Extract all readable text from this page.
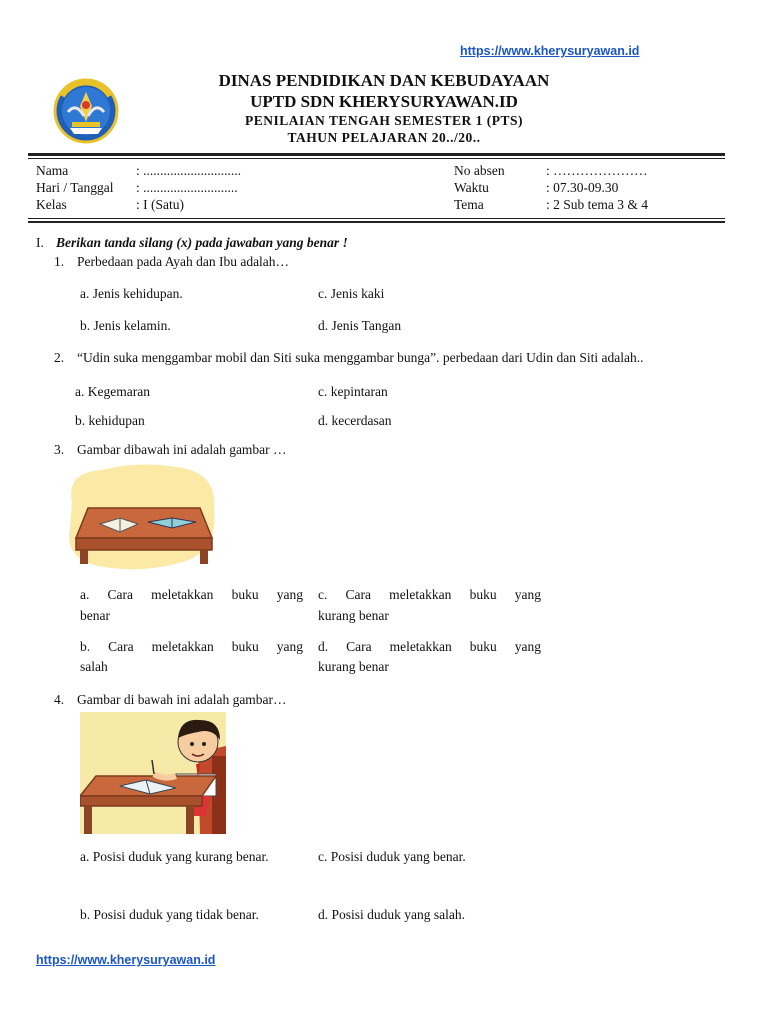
https://www.kherysuryawan.id
DINAS PENDIDIKAN DAN KEBUDAYAAN
UPTD SDN KHERYSURYAWAN.ID
PENILAIAN TENGAH SEMESTER 1 (PTS)
TAHUN PELAJARAN 20../20..
Nama	: .............................
Hari / Tanggal : ............................
Kelas	: I (Satu)
No absen	: …………………
Waktu	: 07.30-09.30
Tema	: 2 Sub tema 3 & 4
I. Berikan tanda silang (x) pada jawaban yang benar !
1. Perbedaan pada Ayah dan Ibu adalah…
a. Jenis kehidupan.	c. Jenis kaki
b. Jenis kelamin.	d. Jenis Tangan
2. “Udin suka menggambar mobil dan Siti suka menggambar bunga”. perbedaan dari Udin dan Siti adalah..
a. Kegemaran	c. kepintaran
b. kehidupan	d. kecerdasan
3. Gambar dibawah ini adalah gambar …
a. Cara meletakkan buku yang
benar
c. Cara meletakkan buku yang
kurang benar
b. Cara meletakkan buku yang
salah
d. Cara meletakkan buku yang
kurang benar
4. Gambar di bawah ini adalah gambar…
a. Posisi duduk yang kurang benar.	c. Posisi duduk yang benar.
b. Posisi duduk yang tidak benar.	d. Posisi duduk yang salah.
https://www.kherysuryawan.id
